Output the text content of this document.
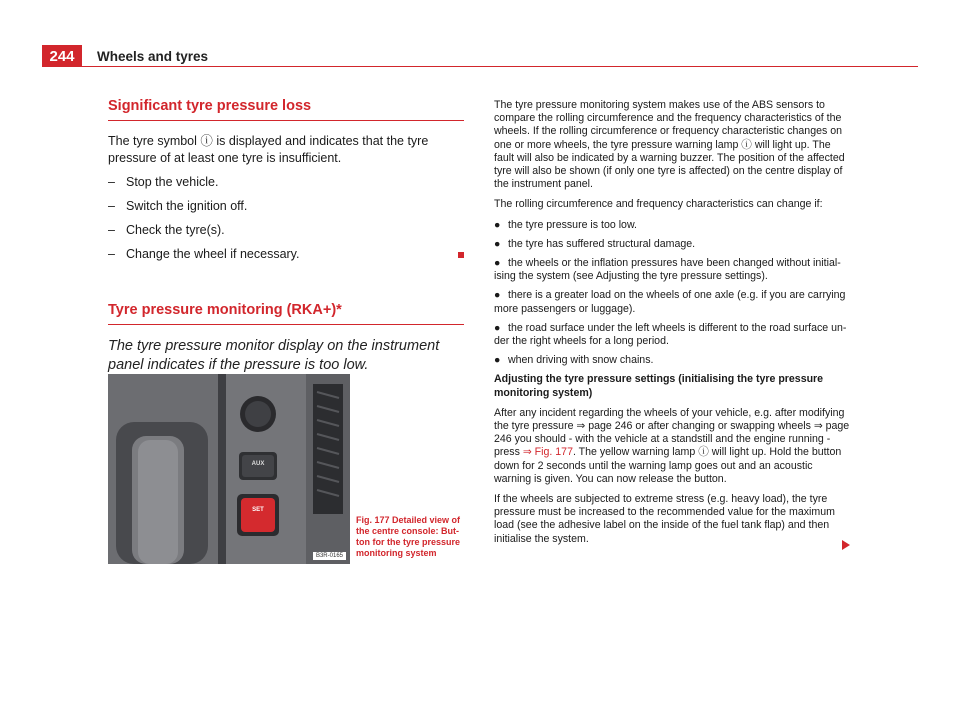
244	Wheels and tyres
Significant tyre pressure loss

The tyre symbol ⓘ is displayed and indicates that the tyre pressure of at least one tyre is insufficient.

– Stop the vehicle.
– Switch the ignition off.
– Check the tyre(s).
– Change the wheel if necessary.
Tyre pressure monitoring (RKA+)*

The tyre pressure monitor display on the instrument panel indicates if the pressure is too low.

AUX
SET
B3R-0165
Fig. 177 Detailed view of the centre console: Button for the tyre pressure monitoring system

The tyre pressure monitoring system makes use of the ABS sensors to compare the rolling circumference and the frequency characteristics of the wheels. If the rolling circumference or frequency characteristic changes on one or more wheels, the tyre pressure warning lamp ⓘ will light up. The fault will also be indicated by a warning buzzer. The position of the affected tyre will also be shown (if only one tyre is affected) on the centre display of the instrument panel.

The rolling circumference and frequency characteristics can change if:

● the tyre pressure is too low.
● the tyre has suffered structural damage.
● the wheels or the inflation pressures have been changed without initialising the system (see Adjusting the tyre pressure settings).
● there is a greater load on the wheels of one axle (e.g. if you are carrying more passengers or luggage).
● the road surface under the left wheels is different to the road surface under the right wheels for a long period.
● when driving with snow chains.

Adjusting the tyre pressure settings (initialising the tyre pressure monitoring system)

After any incident regarding the wheels of your vehicle, e.g. after modifying the tyre pressure ⇒ page 246 or after changing or swapping wheels ⇒ page 246 you should - with the vehicle at a standstill and the engine running - press ⇒ Fig. 177. The yellow warning lamp ⓘ will light up. Hold the button down for 2 seconds until the warning lamp goes out and an acoustic warning is given. You can now release the button.

If the wheels are subjected to extreme stress (e.g. heavy load), the tyre pressure must be increased to the recommended value for the maximum load (see the adhesive label on the inside of the fuel tank flap) and then initialise the system.
